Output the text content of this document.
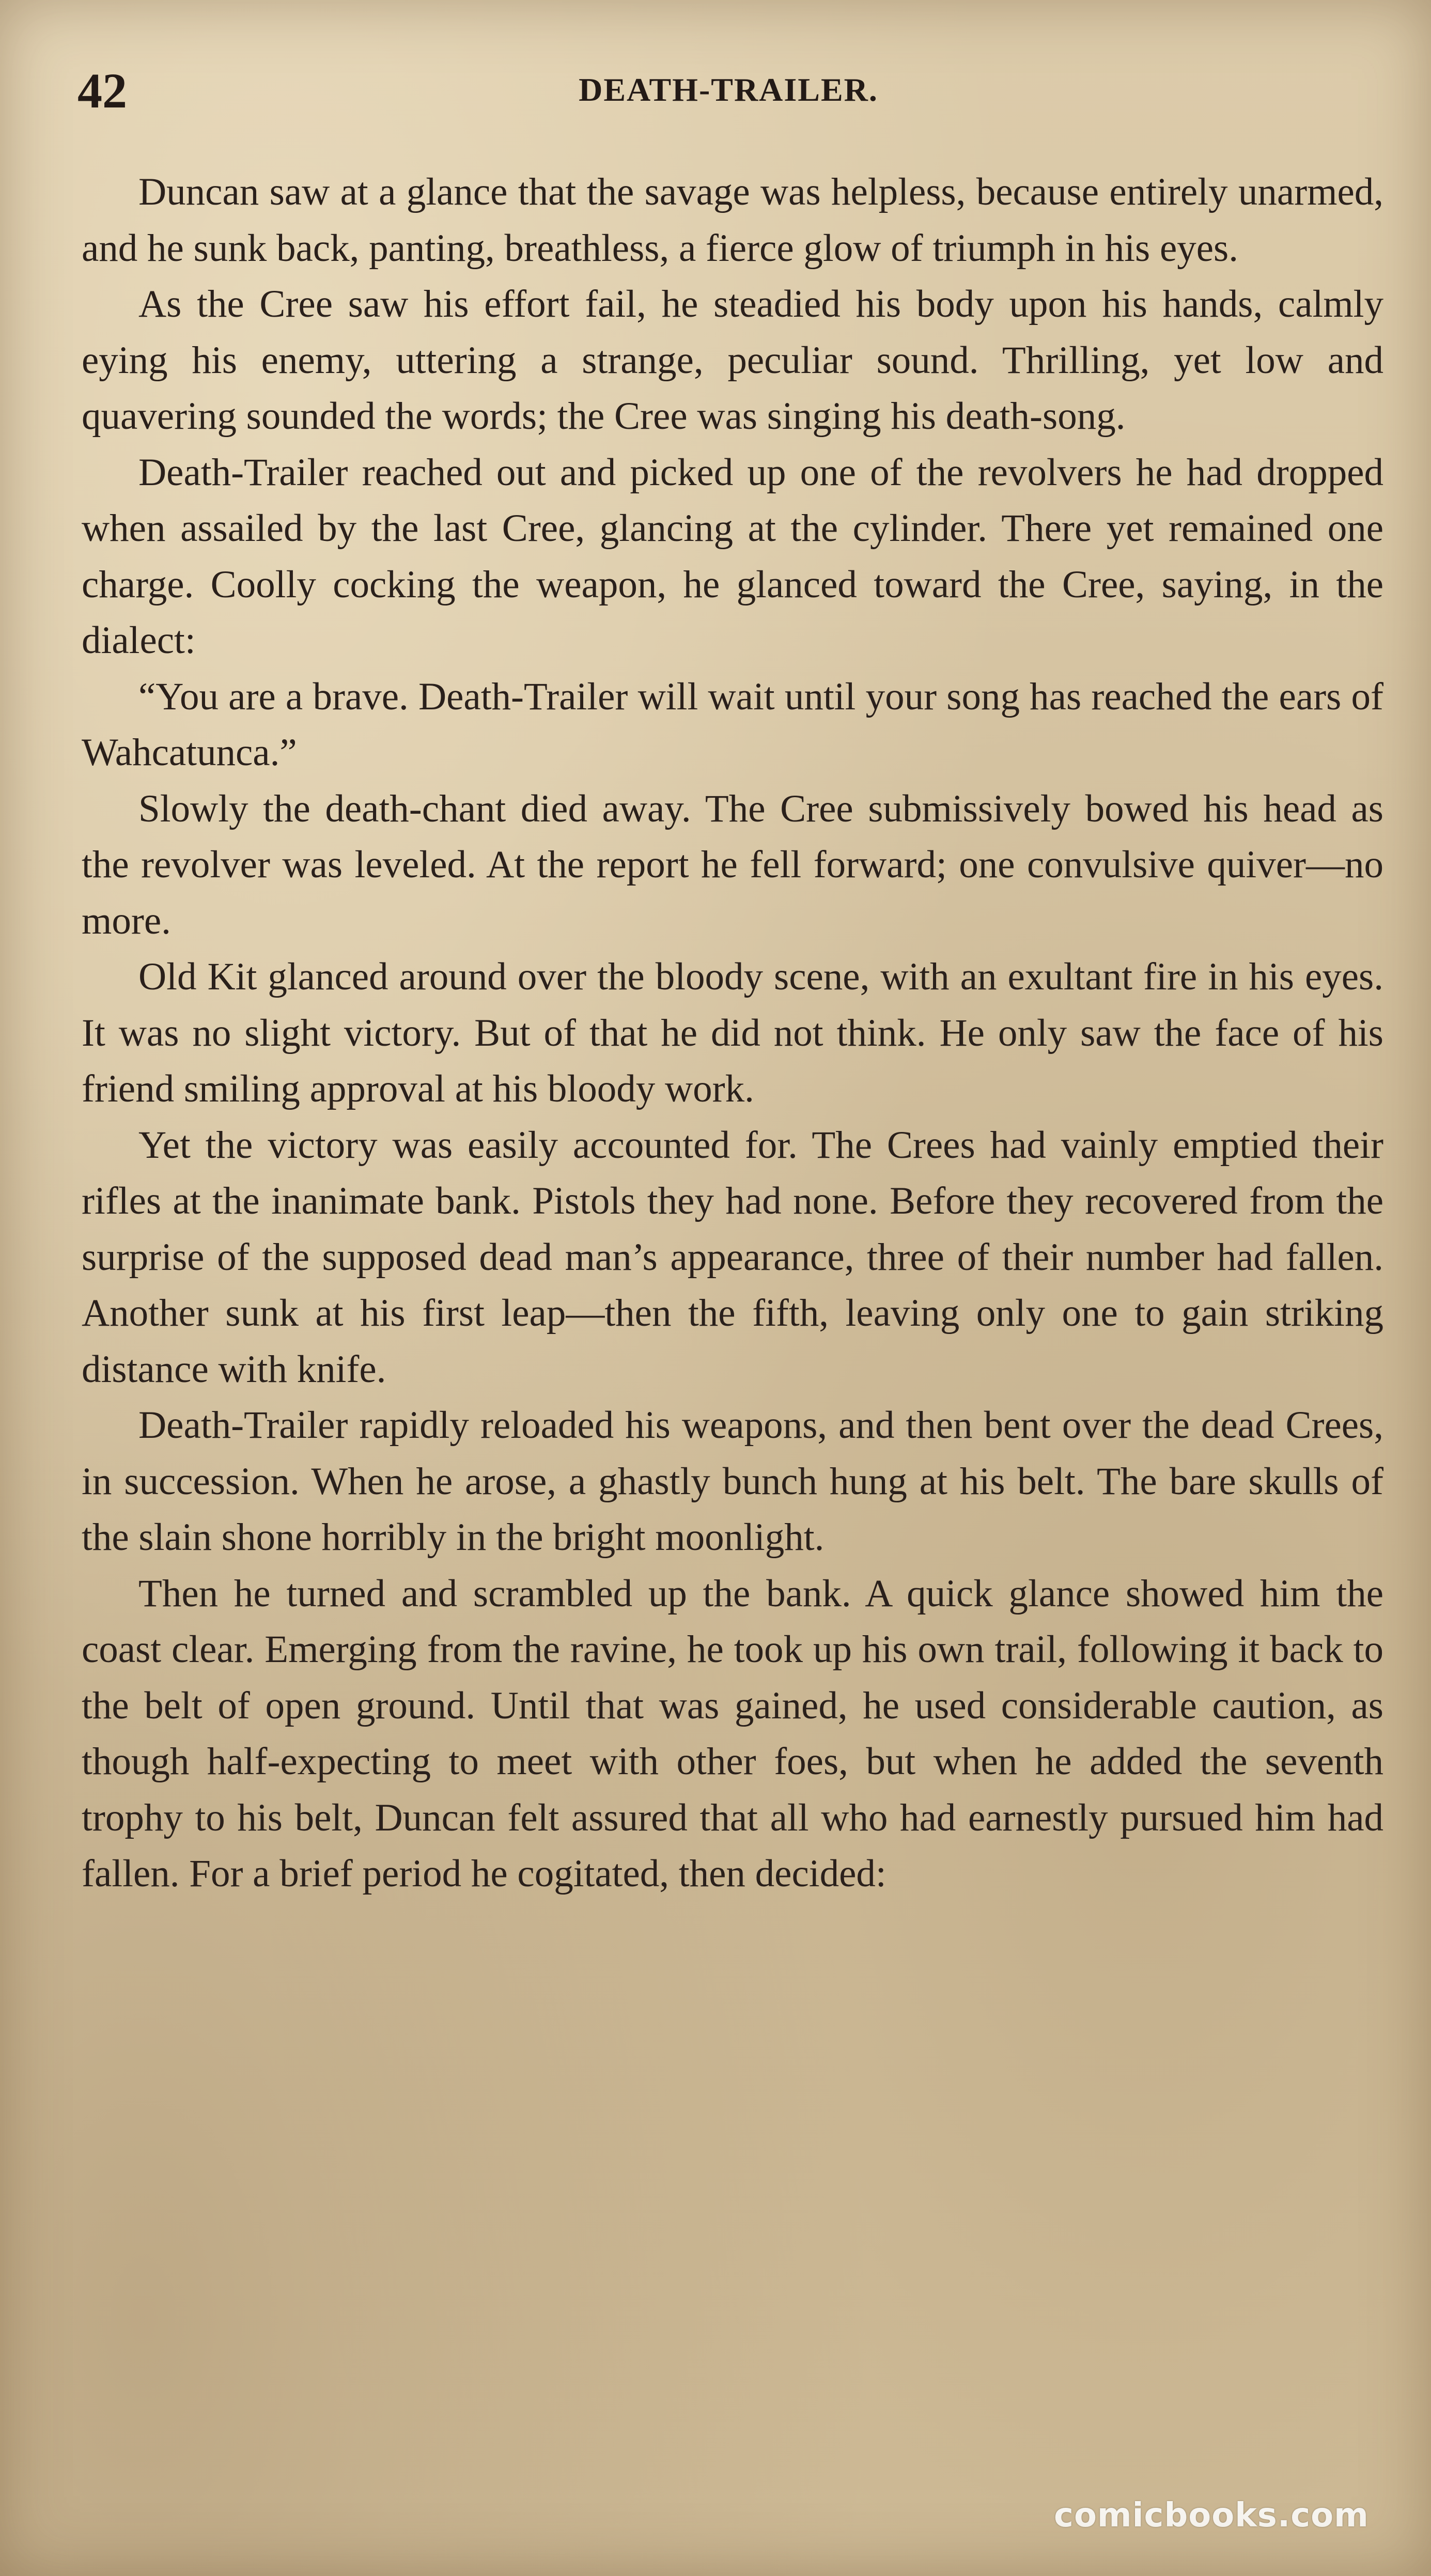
42	DEATH-TRAILER.

Duncan saw at a glance that the savage was helpless, because entirely unarmed, and he sunk back, panting, breathless, a fierce glow of triumph in his eyes.

As the Cree saw his effort fail, he steadied his body upon his hands, calmly eying his enemy, uttering a strange, peculiar sound. Thrilling, yet low and quavering sounded the words; the Cree was singing his death-song.

Death-Trailer reached out and picked up one of the revolvers he had dropped when assailed by the last Cree, glancing at the cylinder. There yet remained one charge. Coolly cocking the weapon, he glanced toward the Cree, saying, in the dialect:

“You are a brave. Death-Trailer will wait until your song has reached the ears of Wahcatunca.”

Slowly the death-chant died away. The Cree submissively bowed his head as the revolver was leveled. At the report he fell forward; one convulsive quiver—no more.

Old Kit glanced around over the bloody scene, with an exultant fire in his eyes. It was no slight victory. But of that he did not think. He only saw the face of his friend smiling approval at his bloody work.

Yet the victory was easily accounted for. The Crees had vainly emptied their rifles at the inanimate bank. Pistols they had none. Before they recovered from the surprise of the supposed dead man’s appearance, three of their number had fallen. Another sunk at his first leap—then the fifth, leaving only one to gain striking distance with knife.

Death-Trailer rapidly reloaded his weapons, and then bent over the dead Crees, in succession. When he arose, a ghastly bunch hung at his belt. The bare skulls of the slain shone horribly in the bright moonlight.

Then he turned and scrambled up the bank. A quick glance showed him the coast clear. Emerging from the ravine, he took up his own trail, following it back to the belt of open ground. Until that was gained, he used considerable caution, as though half-expecting to meet with other foes, but when he added the seventh trophy to his belt, Duncan felt assured that all who had earnestly pursued him had fallen. For a brief period he cogitated, then decided:

comicbooks.com
